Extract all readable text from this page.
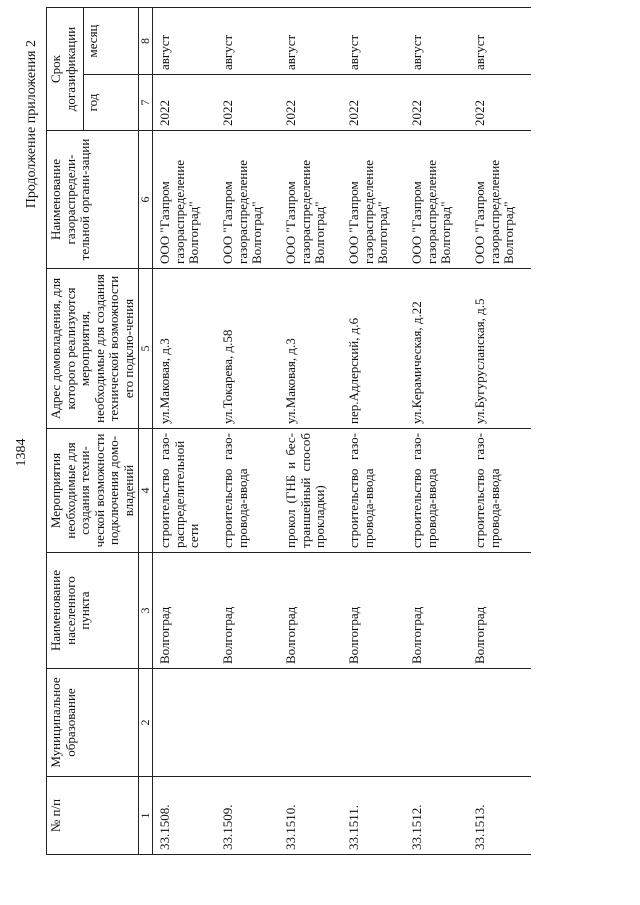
1384
Продолжение приложения 2
№ п/п	Муниципальное образование	Наименование населенного пункта	Мероприятия необходимые для создания техни-ческой возможности подключения домо-владений	Адрес домовладения, для которого реализуются мероприятия, необходимые для создания технической возможности его подклю-чения	Наименование газораспредели-тельной органи-зации	Срок догазификации	
						год	месяц
1	2	3	4	5	6	7	8
33.1508.		Волгоград	строительство газо-распределительной сети	ул.Маковая, д.3	ООО "Газпром газораспределение Волгоград"	2022	август
33.1509.		Волгоград	строительство газо-провода-ввода	ул.Токарева, д.58	ООО "Газпром газораспределение Волгоград"	2022	август
33.1510.		Волгоград	прокол (ГНБ и бес-траншейный способ прокладки)	ул.Маковая, д.3	ООО "Газпром газораспределение Волгоград"	2022	август
33.1511.		Волгоград	строительство газо-провода-ввода	пер.Адлерский, д.6	ООО "Газпром газораспределение Волгоград"	2022	август
33.1512.		Волгоград	строительство газо-провода-ввода	ул.Керамическая, д.22	ООО "Газпром газораспределение Волгоград"	2022	август
33.1513.		Волгоград	строительство газо-провода-ввода	ул.Бугурусланская, д.5	ООО "Газпром газораспределение Волгоград"	2022	август
